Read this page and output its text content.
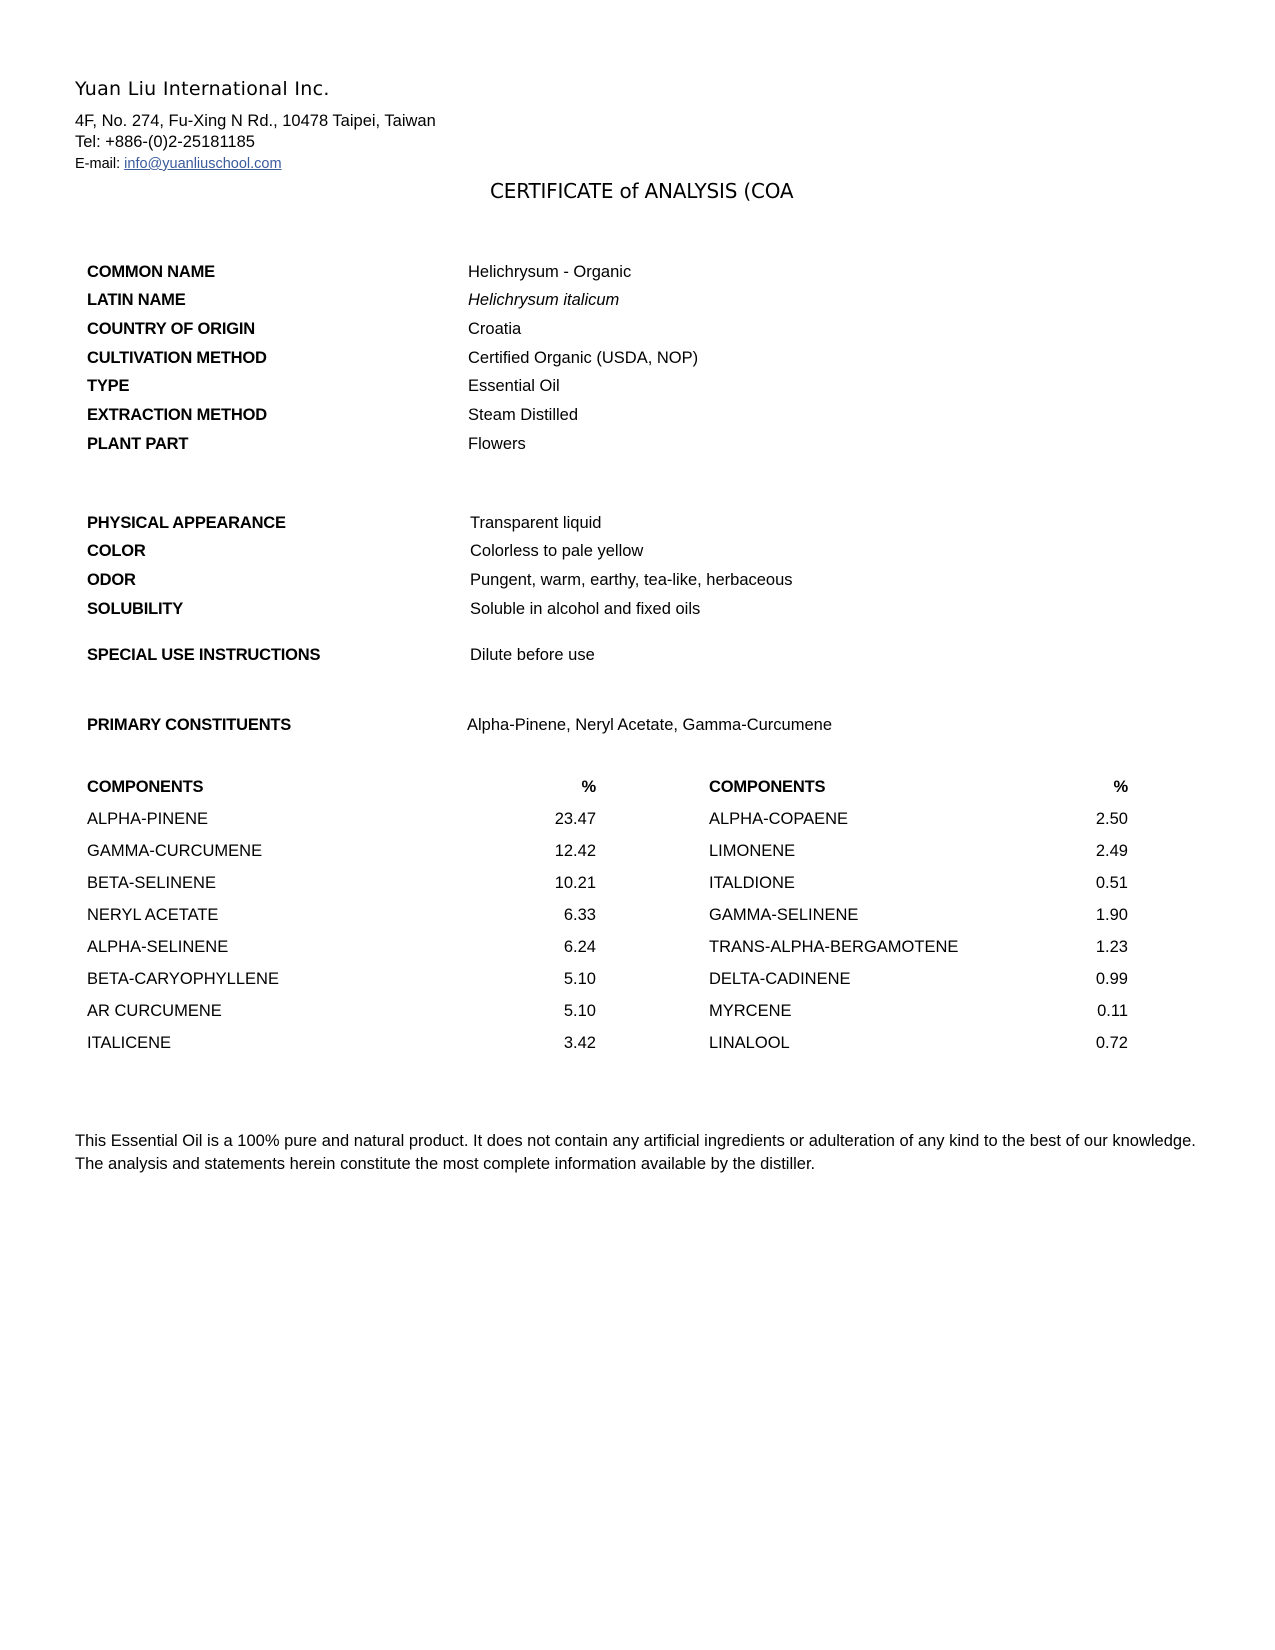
Yuan Liu International Inc.
4F, No. 274, Fu-Xing N Rd., 10478 Taipei, Taiwan
Tel: +886-(0)2-25181185
E-mail: info@yuanliuschool.com
CERTIFICATE of ANALYSIS (COA
COMMON NAME	Helichrysum - Organic
LATIN NAME	Helichrysum italicum
COUNTRY OF ORIGIN	Croatia
CULTIVATION METHOD	Certified Organic (USDA, NOP)
TYPE	Essential Oil
EXTRACTION METHOD	Steam Distilled
PLANT PART	Flowers
PHYSICAL APPEARANCE	Transparent liquid
COLOR	Colorless to pale yellow
ODOR	Pungent, warm, earthy, tea-like, herbaceous
SOLUBILITY	Soluble in alcohol and fixed oils
SPECIAL USE INSTRUCTIONS	Dilute before use
PRIMARY CONSTITUENTS	Alpha-Pinene, Neryl Acetate, Gamma-Curcumene
COMPONENTS	%	COMPONENTS	%
ALPHA-PINENE	23.47	ALPHA-COPAENE	2.50
GAMMA-CURCUMENE	12.42	LIMONENE	2.49
BETA-SELINENE	10.21	ITALDIONE	0.51
NERYL ACETATE	6.33	GAMMA-SELINENE	1.90
ALPHA-SELINENE	6.24	TRANS-ALPHA-BERGAMOTENE	1.23
BETA-CARYOPHYLLENE	5.10	DELTA-CADINENE	0.99
AR CURCUMENE	5.10	MYRCENE	0.11
ITALICENE	3.42	LINALOOL	0.72
This Essential Oil is a 100% pure and natural product. It does not contain any artificial ingredients or adulteration of any kind to the best of our knowledge. The analysis and statements herein constitute the most complete information available by the distiller.
